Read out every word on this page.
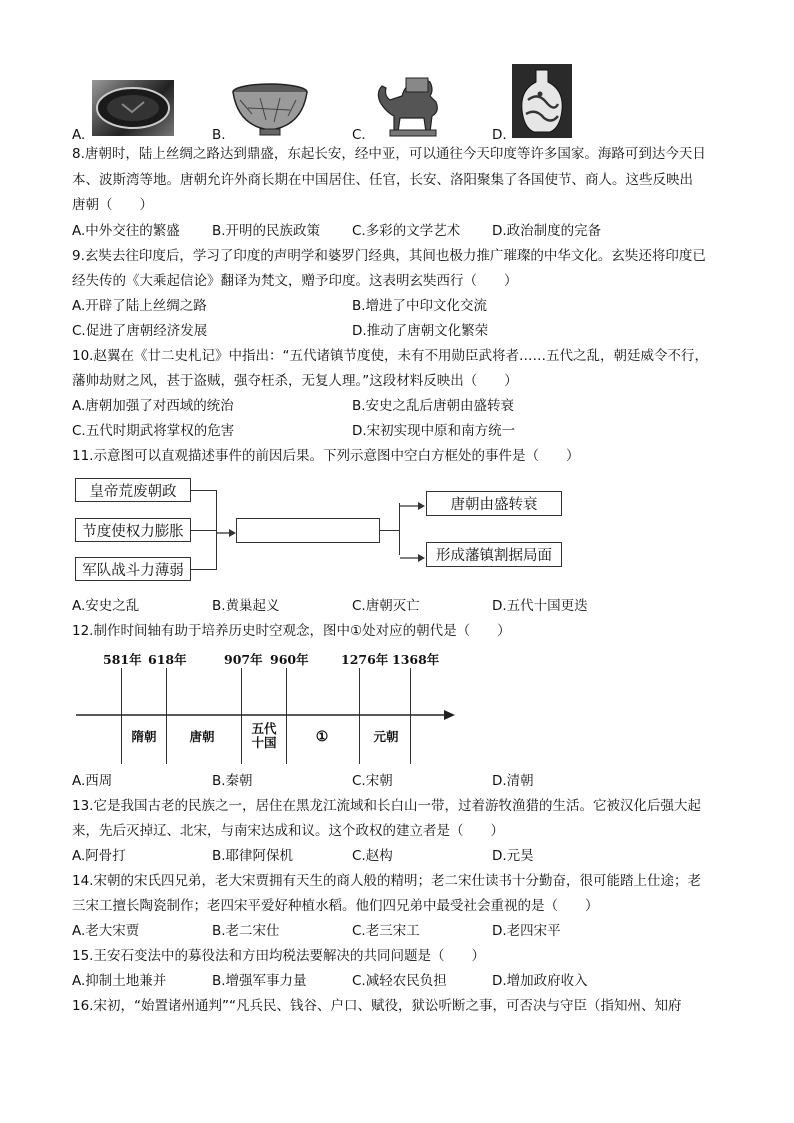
A.	B.	C.	D.
8.唐朝时，陆上丝绸之路达到鼎盛，东起长安，经中亚，可以通往今天印度等许多国家。海路可到达今天日
本、波斯湾等地。唐朝允许外商长期在中国居住、任官，长安、洛阳聚集了各国使节、商人。这些反映出
唐朝（　　）
A.中外交往的繁盛 B.开明的民族政策 C.多彩的文学艺术 D.政治制度的完备
9.玄奘去往印度后，学习了印度的声明学和婆罗门经典，其间也极力推广璀璨的中华文化。玄奘还将印度已
经失传的《大乘起信论》翻译为梵文，赠予印度。这表明玄奘西行（　　）
A.开辟了陆上丝绸之路	B.增进了中印文化交流
C.促进了唐朝经济发展	D.推动了唐朝文化繁荣
10.赵翼在《廿二史札记》中指出：“五代诸镇节度使，未有不用勋臣武将者……五代之乱，朝廷威令不行，
藩帅劫财之风，甚于盗贼，强夺枉杀，无复人理。”这段材料反映出（　　）
A.唐朝加强了对西域的统治	B.安史之乱后唐朝由盛转衰
C.五代时期武将掌权的危害	D.宋初实现中原和南方统一
11.示意图可以直观描述事件的前因后果。下列示意图中空白方框处的事件是（　　）
皇帝荒废朝政
节度使权力膨胀
军队战斗力薄弱
唐朝由盛转衰
形成藩镇割据局面
A.安史之乱	B.黄巢起义	C.唐朝灭亡	D.五代十国更迭
12.制作时间轴有助于培养历史时空观念，图中①处对应的朝代是（　　）
581年 618年	907年 960年	1276年 1368年
隋朝	唐朝
五代
十国	①	元朝
A.西周	B.秦朝	C.宋朝	D.清朝
13.它是我国古老的民族之一，居住在黑龙江流域和长白山一带，过着游牧渔猎的生活。它被汉化后强大起
来，先后灭掉辽、北宋，与南宋达成和议。这个政权的建立者是（　　）
A.阿骨打	B.耶律阿保机	C.赵构	D.元昊
14.宋朝的宋氏四兄弟，老大宋贾拥有天生的商人般的精明；老二宋仕读书十分勤奋，很可能踏上仕途；老
三宋工擅长陶瓷制作；老四宋平爱好种植水稻。他们四兄弟中最受社会重视的是（　　）
A.老大宋贾	B.老二宋仕	C.老三宋工	D.老四宋平
15.王安石变法中的募役法和方田均税法要解决的共同问题是（　　）
A.抑制土地兼并	B.增强军事力量	C.减轻农民负担	D.增加政府收入
16.宋初，“始置诸州通判”“凡兵民、钱谷、户口、赋役，狱讼听断之事，可否决与守臣（指知州、知府
